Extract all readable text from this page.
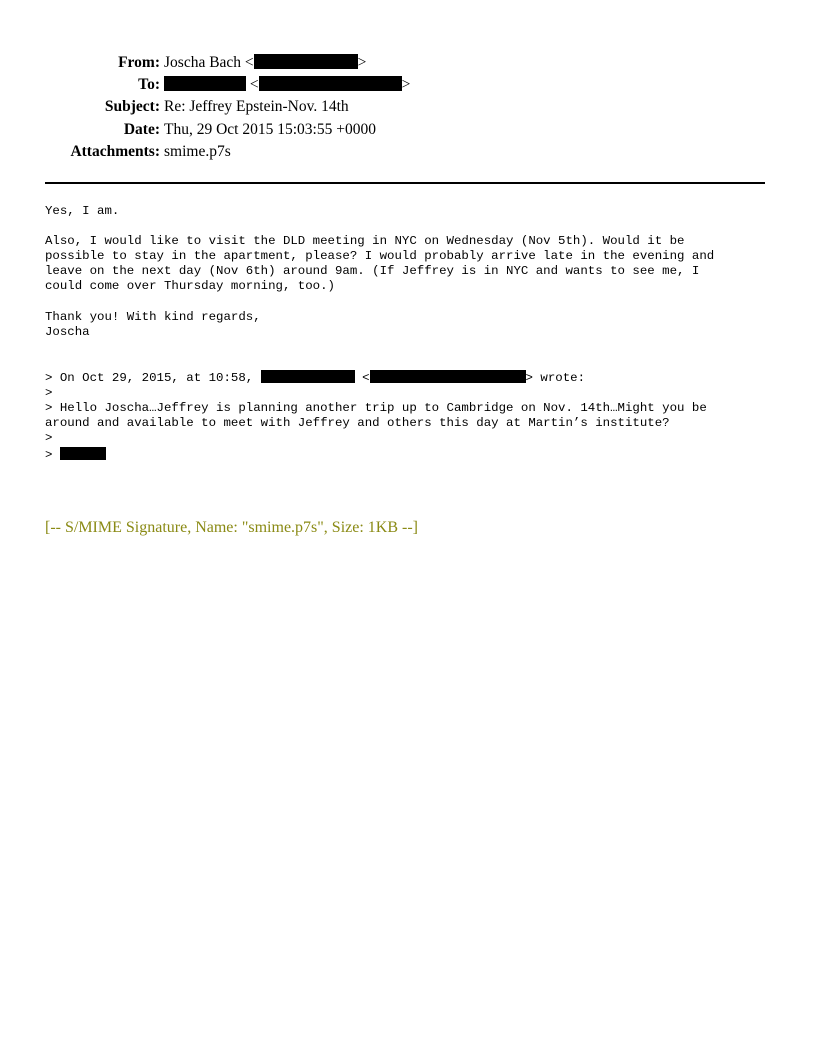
From: Joscha Bach <	>
To:	<	>
Subject: Re: Jeffrey Epstein-Nov. 14th
Date: Thu, 29 Oct 2015 15:03:55 +0000
Attachments: smime.p7s
Yes, I am.
Also, I would like to visit the DLD meeting in NYC on Wednesday (Nov 5th). Would it be
possible to stay in the apartment, please? I would probably arrive late in the evening and
leave on the next day (Nov 6th) around 9am. (If Jeffrey is in NYC and wants to see me, I
could come over Thursday morning, too.)
Thank you! With kind regards,
Joscha
> On Oct 29, 2015, at 10:58,	<	> wrote:
>
> Hello Joscha…Jeffrey is planning another trip up to Cambridge on Nov. 14th…Might you be
around and available to meet with Jeffrey and others this day at Martin’s institute?
>
>
[-- S/MIME Signature, Name: "smime.p7s", Size: 1KB --]
